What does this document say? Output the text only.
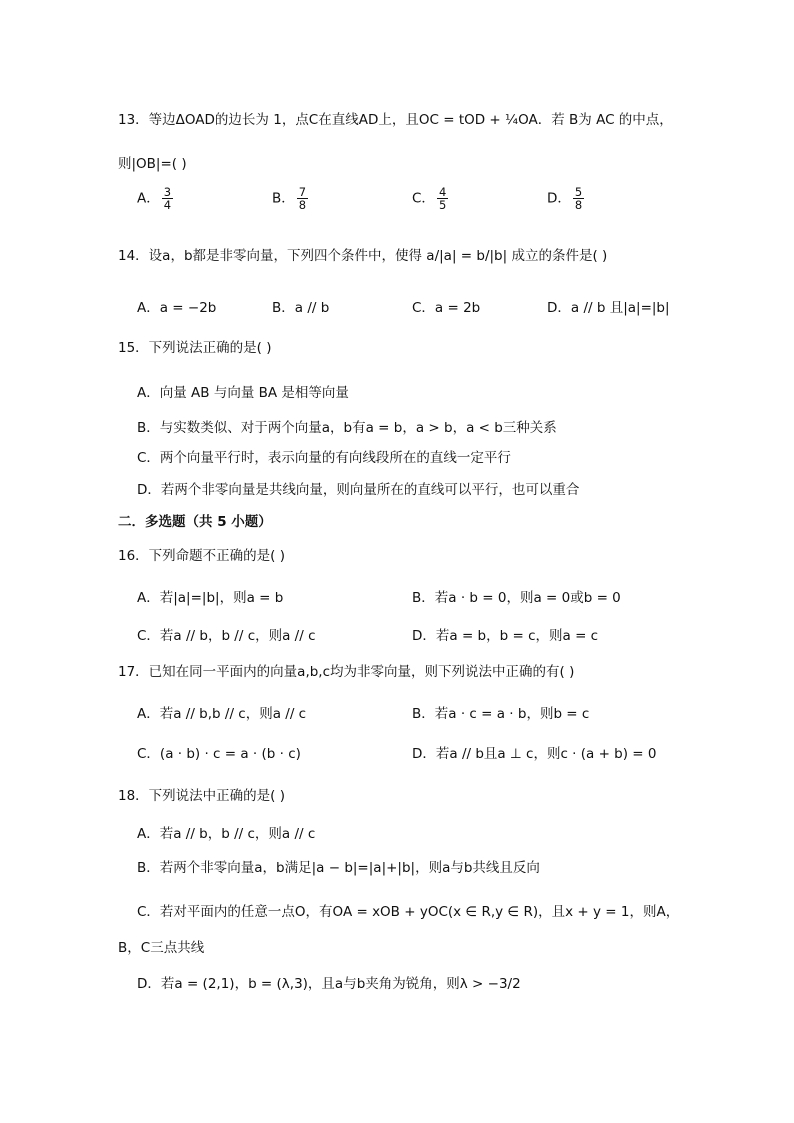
13．等边ΔOAD的边长为 1，点C在直线AD上，且OC = tOD + ¼OA．若 B为 AC 的中点，
则|OB|=( )
A． $\frac{3}{4}$	B． $\frac{7}{8}$	C． $\frac{4}{5}$	D． $\frac{5}{8}$
14．设a，b都是非零向量，下列四个条件中，使得 a/|a| = b/|b| 成立的条件是( )
A．a = −2b	B．a // b	C．a = 2b	D．a // b 且|a|=|b|
15．下列说法正确的是( )
A．向量 AB 与向量 BA 是相等向量
B．与实数类似、对于两个向量a，b有a = b，a > b，a < b三种关系
C．两个向量平行时，表示向量的有向线段所在的直线一定平行
D．若两个非零向量是共线向量，则向量所在的直线可以平行，也可以重合
二．多选题（共 5 小题）
16．下列命题不正确的是( )
A．若|a|=|b|，则a = b	B．若a · b = 0，则a = 0或b = 0
C．若a // b，b // c，则a // c	D．若a = b，b = c，则a = c
17．已知在同一平面内的向量a,b,c均为非零向量，则下列说法中正确的有( )
A．若a // b,b // c，则a // c	B．若a · c = a · b，则b = c
C．(a · b) · c = a · (b · c)	D．若a // b且a ⊥ c，则c · (a + b) = 0
18．下列说法中正确的是( )
A．若a // b，b // c，则a // c
B．若两个非零向量a，b满足|a − b|=|a|+|b|，则a与b共线且反向
C．若对平面内的任意一点O，有OA = xOB + yOC(x ∈ R,y ∈ R)，且x + y = 1，则A，
B，C三点共线
D．若a = (2,1)，b = (λ,3)，且a与b夹角为锐角，则λ > −3/2
